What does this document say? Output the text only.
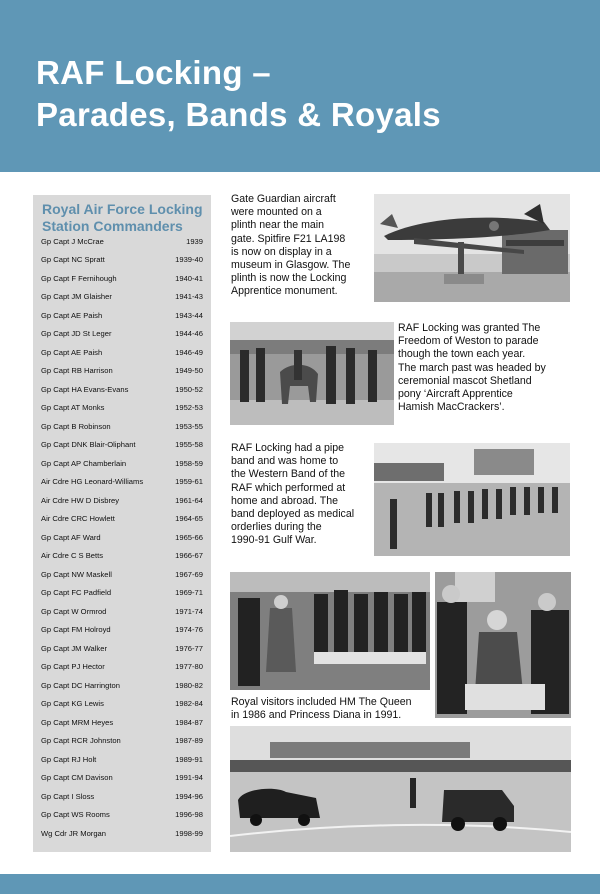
RAF Locking –
Parades, Bands & Royals
Royal Air Force Locking
Station Commanders
Gp Capt J McCrae	1939
Gp Capt NC Spratt	1939-40
Gp Capt F Fernihough	1940-41
Gp Capt JM Glaisher	1941-43
Gp Capt AE Paish	1943-44
Gp Capt JD St Leger	1944-46
Gp Capt AE Paish	1946-49
Gp Capt RB Harrison	1949-50
Gp Capt HA Evans-Evans	1950-52
Gp Capt AT Monks	1952-53
Gp Capt B Robinson	1953-55
Gp Capt DNK Blair-Oliphant	1955-58
Gp Capt AP Chamberlain	1958-59
Air Cdre HG Leonard-Williams	1959-61
Air Cdre HW D Disbrey	1961-64
Air Cdre CRC Howlett	1964-65
Gp Capt AF Ward	1965-66
Air Cdre C S Betts	1966-67
Gp Capt NW Maskell	1967-69
Gp Capt FC Padfield	1969-71
Gp Capt W Ormrod	1971-74
Gp Capt FM Holroyd	1974-76
Gp Capt JM Walker	1976-77
Gp Capt PJ Hector	1977-80
Gp Capt DC Harrington	1980-82
Gp Capt KG Lewis	1982-84
Gp Capt MRM Heyes	1984-87
Gp Capt RCR Johnston	1987-89
Gp Capt RJ Holt	1989-91
Gp Capt CM Davison	1991-94
Gp Capt I Sloss	1994-96
Gp Capt WS Rooms	1996-98
Wg Cdr JR Morgan	1998-99

Gate Guardian aircraft
were mounted on a
plinth near the main
gate. Spitfire F21 LA198
is now on display in a
museum in Glasgow. The
plinth is now the Locking
Apprentice monument.

RAF Locking was granted The
Freedom of Weston to parade
though the town each year.
The march past was headed by
ceremonial mascot Shetland
pony ‘Aircraft Apprentice
Hamish MacCrackers’.

RAF Locking had a pipe
band and was home to
the Western Band of the
RAF which performed at
home and abroad. The
band deployed as medical
orderlies during the
1990-91 Gulf War.

Royal visitors included HM The Queen
in 1986 and Princess Diana in 1991.
